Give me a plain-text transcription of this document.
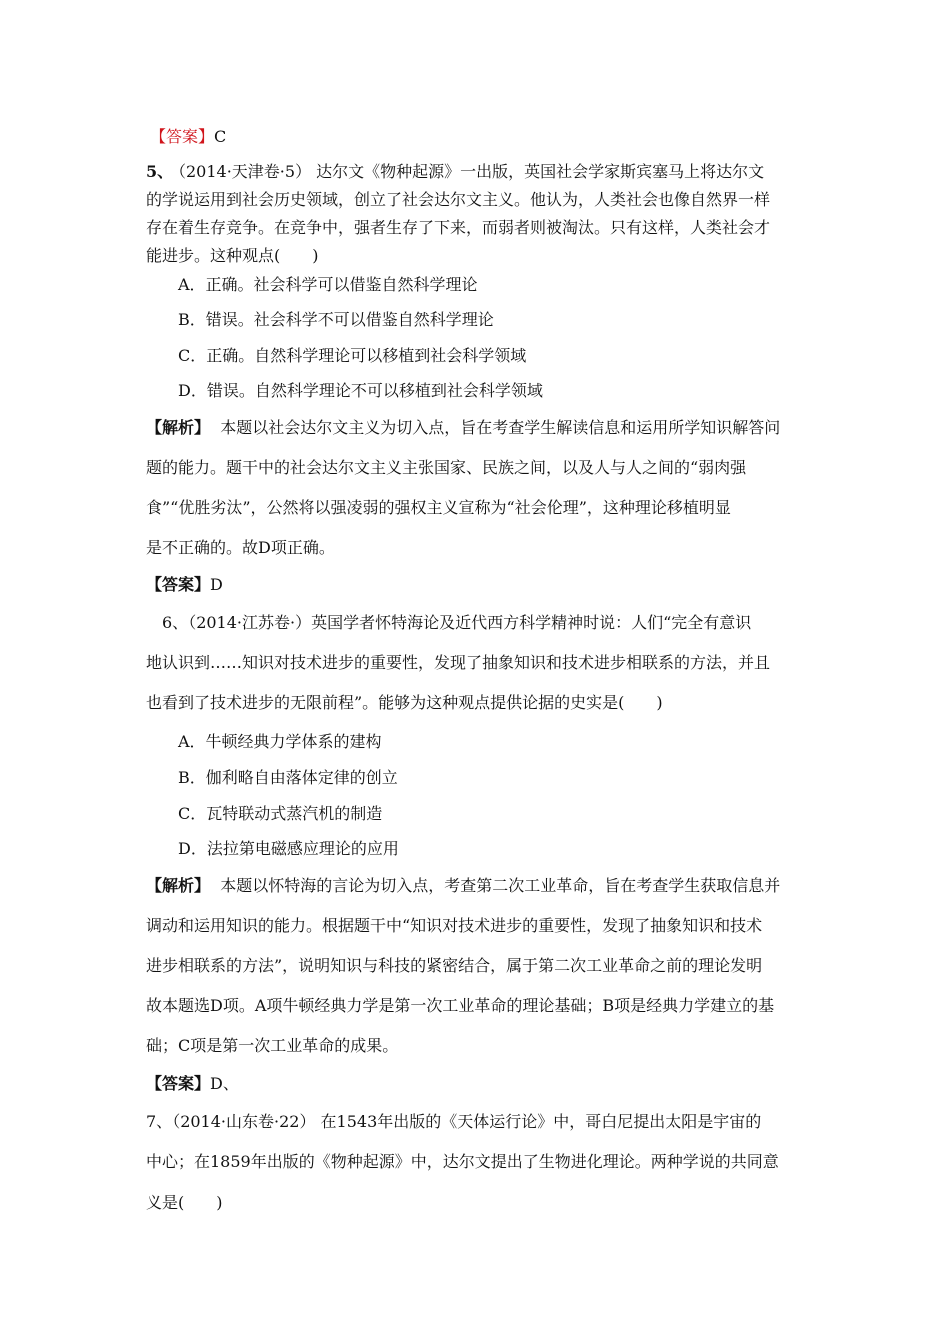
【答案】C
5、
（2014·天津卷·5） 达尔文《物种起源》一出版，英国社会学家斯宾塞马上将达尔文
的学说运用到社会历史领域，创立了社会达尔文主义。他认为，人类社会也像自然界一样
存在着生存竞争。在竞争中，强者生存了下来，而弱者则被淘汰。只有这样，人类社会才
能进步。这种观点(　　)
A．正确。社会科学可以借鉴自然科学理论
B．错误。社会科学不可以借鉴自然科学理论
C．正确。自然科学理论可以移植到社会科学领域
D．错误。自然科学理论不可以移植到社会科学领域
【解析】 本题以社会达尔文主义为切入点，旨在考查学生解读信息和运用所学知识解答问
题的能力。题干中的社会达尔文主义主张国家、民族之间，以及人与人之间的“弱肉强
食”“优胜劣汰”，公然将以强凌弱的强权主义宣称为“社会伦理”，这种理论移植明显
是不正确的。故D项正确。
【答案】D
6、（2014·江苏卷·）英国学者怀特海论及近代西方科学精神时说：人们“完全有意识
地认识到……知识对技术进步的重要性，发现了抽象知识和技术进步相联系的方法，并且
也看到了技术进步的无限前程”。能够为这种观点提供论据的史实是(　　)
A．牛顿经典力学体系的建构
B．伽利略自由落体定律的创立
C．瓦特联动式蒸汽机的制造
D．法拉第电磁感应理论的应用
【解析】 本题以怀特海的言论为切入点，考查第二次工业革命，旨在考查学生获取信息并
调动和运用知识的能力。根据题干中“知识对技术进步的重要性，发现了抽象知识和技术
进步相联系的方法”，说明知识与科技的紧密结合，属于第二次工业革命之前的理论发明
故本题选D项。A项牛顿经典力学是第一次工业革命的理论基础；B项是经典力学建立的基
础；C项是第一次工业革命的成果。
【答案】D、
7、（2014·山东卷·22） 在1543年出版的《天体运行论》中，哥白尼提出太阳是宇宙的
中心；在1859年出版的《物种起源》中，达尔文提出了生物进化理论。两种学说的共同意
义是(　　)
